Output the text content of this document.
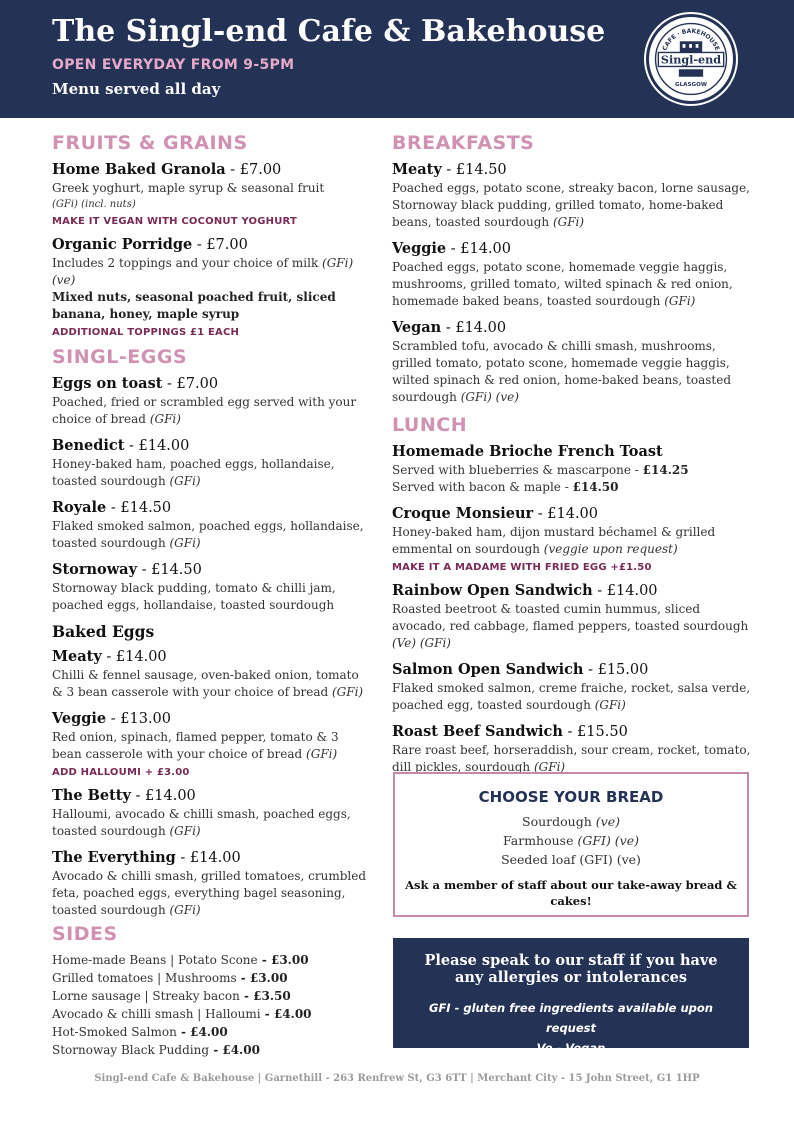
The Singl-end Cafe & Bakehouse
OPEN EVERYDAY FROM 9-5PM
Menu served all day
CAFE · BAKEHOUSE
Singl-end
GLASGOW
FRUITS & GRAINS
Home Baked Granola - £7.00
Greek yoghurt, maple syrup & seasonal fruit
(GFi) (incl. nuts)
MAKE IT VEGAN WITH COCONUT YOGHURT
Organic Porridge - £7.00
Includes 2 toppings and your choice of milk (GFi) (ve)
Mixed nuts, seasonal poached fruit, sliced banana, honey, maple syrup
ADDITIONAL TOPPINGS £1 EACH
SINGL-EGGS
Eggs on toast - £7.00
Poached, fried or scrambled egg served with your choice of bread (GFi)
Benedict - £14.00
Honey-baked ham, poached eggs, hollandaise, toasted sourdough (GFi)
Royale - £14.50
Flaked smoked salmon, poached eggs, hollandaise, toasted sourdough (GFi)
Stornoway - £14.50
Stornoway black pudding, tomato & chilli jam, poached eggs, hollandaise, toasted sourdough
Baked Eggs
Meaty - £14.00
Chilli & fennel sausage, oven-baked onion, tomato & 3 bean casserole with your choice of bread (GFi)
Veggie - £13.00
Red onion, spinach, flamed pepper, tomato & 3 bean casserole with your choice of bread (GFi)
ADD HALLOUMI + £3.00
The Betty - £14.00
Halloumi, avocado & chilli smash, poached eggs, toasted sourdough (GFi)
The Everything - £14.00
Avocado & chilli smash, grilled tomatoes, crumbled feta, poached eggs, everything bagel seasoning, toasted sourdough (GFi)
SIDES
Home-made Beans | Potato Scone - £3.00
Grilled tomatoes | Mushrooms - £3.00
Lorne sausage | Streaky bacon - £3.50
Avocado & chilli smash | Halloumi - £4.00
Hot-Smoked Salmon - £4.00
Stornoway Black Pudding - £4.00
BREAKFASTS
Meaty - £14.50
Poached eggs, potato scone, streaky bacon, lorne sausage, Stornoway black pudding, grilled tomato, home-baked beans, toasted sourdough (GFi)
Veggie - £14.00
Poached eggs, potato scone, homemade veggie haggis, mushrooms, grilled tomato, wilted spinach & red onion, homemade baked beans, toasted sourdough (GFi)
Vegan - £14.00
Scrambled tofu, avocado & chilli smash, mushrooms, grilled tomato, potato scone, homemade veggie haggis, wilted spinach & red onion, home-baked beans, toasted sourdough (GFi) (ve)
LUNCH
Homemade Brioche French Toast
Served with blueberries & mascarpone - £14.25
Served with bacon & maple - £14.50
Croque Monsieur - £14.00
Honey-baked ham, dijon mustard béchamel & grilled emmental on sourdough (veggie upon request)
MAKE IT A MADAME WITH FRIED EGG +£1.50
Rainbow Open Sandwich - £14.00
Roasted beetroot & toasted cumin hummus, sliced avocado, red cabbage, flamed peppers, toasted sourdough (Ve) (GFi)
Salmon Open Sandwich - £15.00
Flaked smoked salmon, creme fraiche, rocket, salsa verde, poached egg, toasted sourdough (GFi)
Roast Beef Sandwich - £15.50
Rare roast beef, horseraddish, sour cream, rocket, tomato, dill pickles, sourdough (GFi)
CHOOSE YOUR BREAD
Sourdough (ve)
Farmhouse (GFI) (ve)
Seeded loaf (GFI) (ve)
Ask a member of staff about our take-away bread & cakes!
Please speak to our staff if you have any allergies or intolerances
GFI - gluten free ingredients available upon request
Ve - Vegan
Singl-end Cafe & Bakehouse | Garnethill - 263 Renfrew St, G3 6TT | Merchant City - 15 John Street, G1 1HP
